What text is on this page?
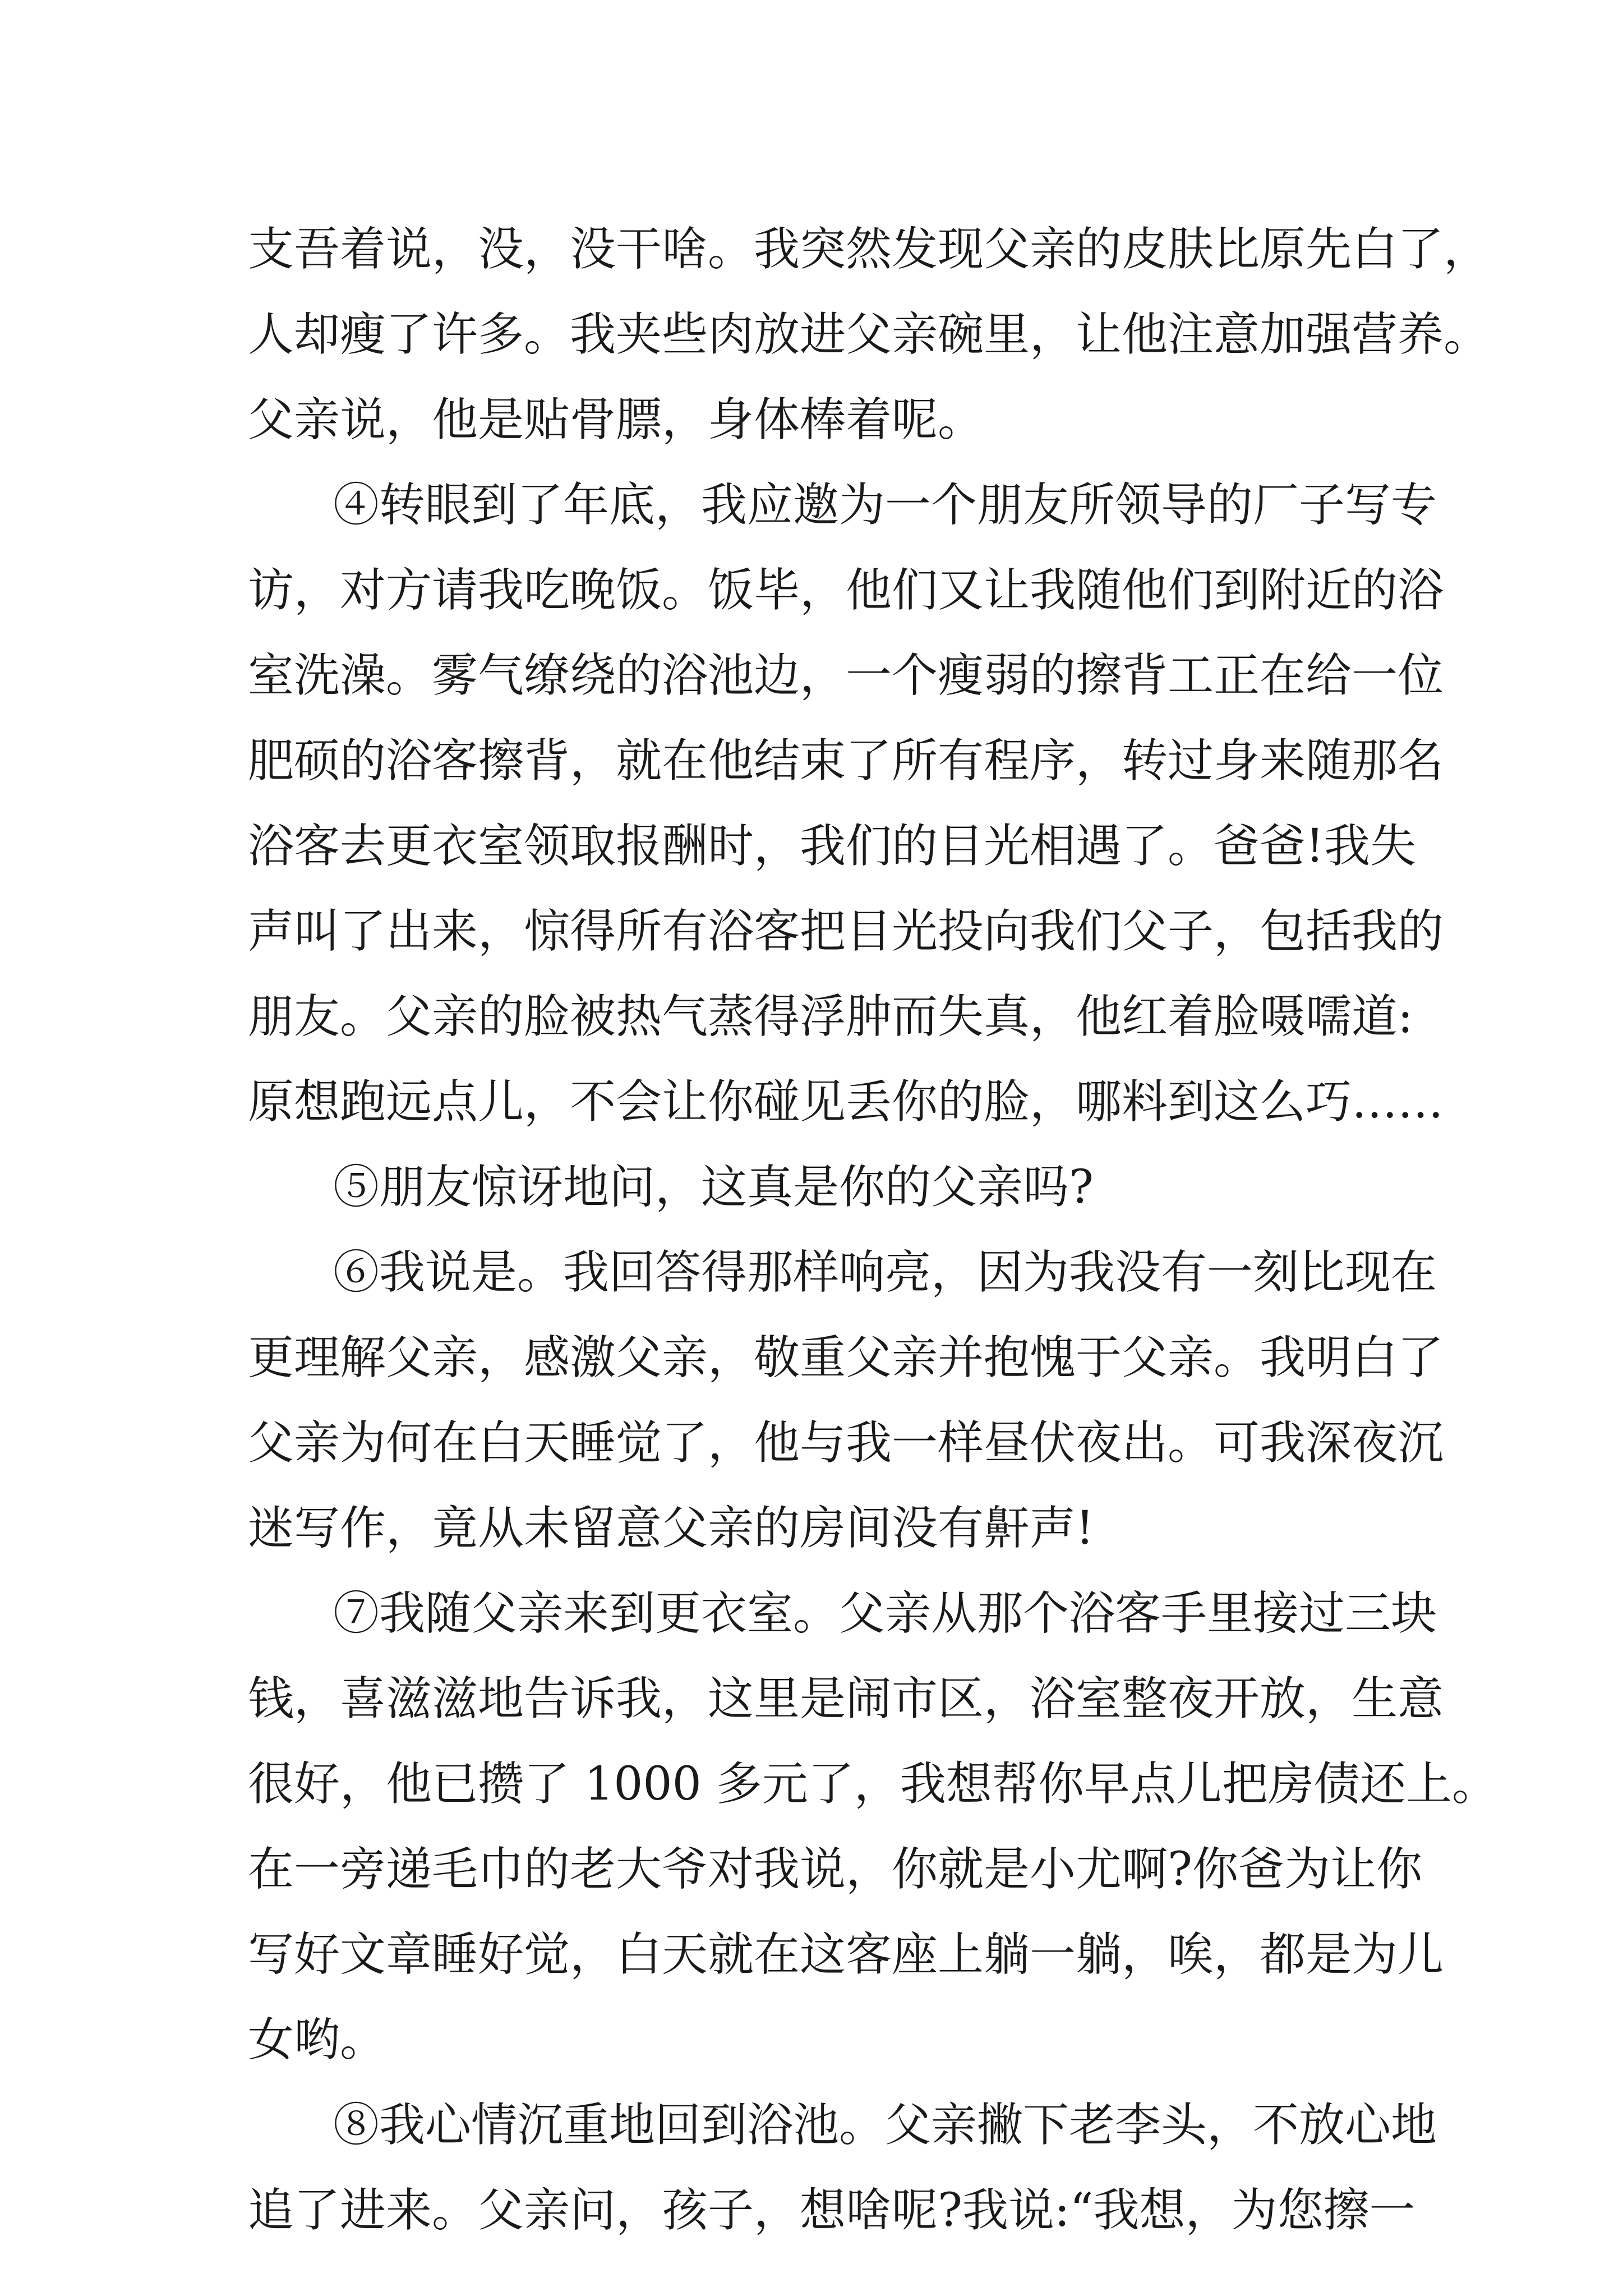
支吾着说，没，没干啥。我突然发现父亲的皮肤比原先白了，
人却瘦了许多。我夹些肉放进父亲碗里，让他注意加强营养。
父亲说，他是贴骨膘，身体棒着呢。
④转眼到了年底，我应邀为一个朋友所领导的厂子写专
访，对方请我吃晚饭。饭毕，他们又让我随他们到附近的浴
室洗澡。雾气缭绕的浴池边，一个瘦弱的擦背工正在给一位
肥硕的浴客擦背，就在他结束了所有程序，转过身来随那名
浴客去更衣室领取报酬时，我们的目光相遇了。爸爸!我失
声叫了出来，惊得所有浴客把目光投向我们父子，包括我的
朋友。父亲的脸被热气蒸得浮肿而失真，他红着脸嗫嚅道:
原想跑远点儿，不会让你碰见丢你的脸，哪料到这么巧……
⑤朋友惊讶地问，这真是你的父亲吗?
⑥我说是。我回答得那样响亮，因为我没有一刻比现在
更理解父亲，感激父亲，敬重父亲并抱愧于父亲。我明白了
父亲为何在白天睡觉了，他与我一样昼伏夜出。可我深夜沉
迷写作，竟从未留意父亲的房间没有鼾声!
⑦我随父亲来到更衣室。父亲从那个浴客手里接过三块
钱，喜滋滋地告诉我，这里是闹市区，浴室整夜开放，生意
很好，他已攒了 1000 多元了，我想帮你早点儿把房债还上。
在一旁递毛巾的老大爷对我说，你就是小尤啊?你爸为让你
写好文章睡好觉，白天就在这客座上躺一躺，唉，都是为儿
女哟。
⑧我心情沉重地回到浴池。父亲撇下老李头，不放心地
追了进来。父亲问，孩子，想啥呢?我说:“我想，为您擦一
